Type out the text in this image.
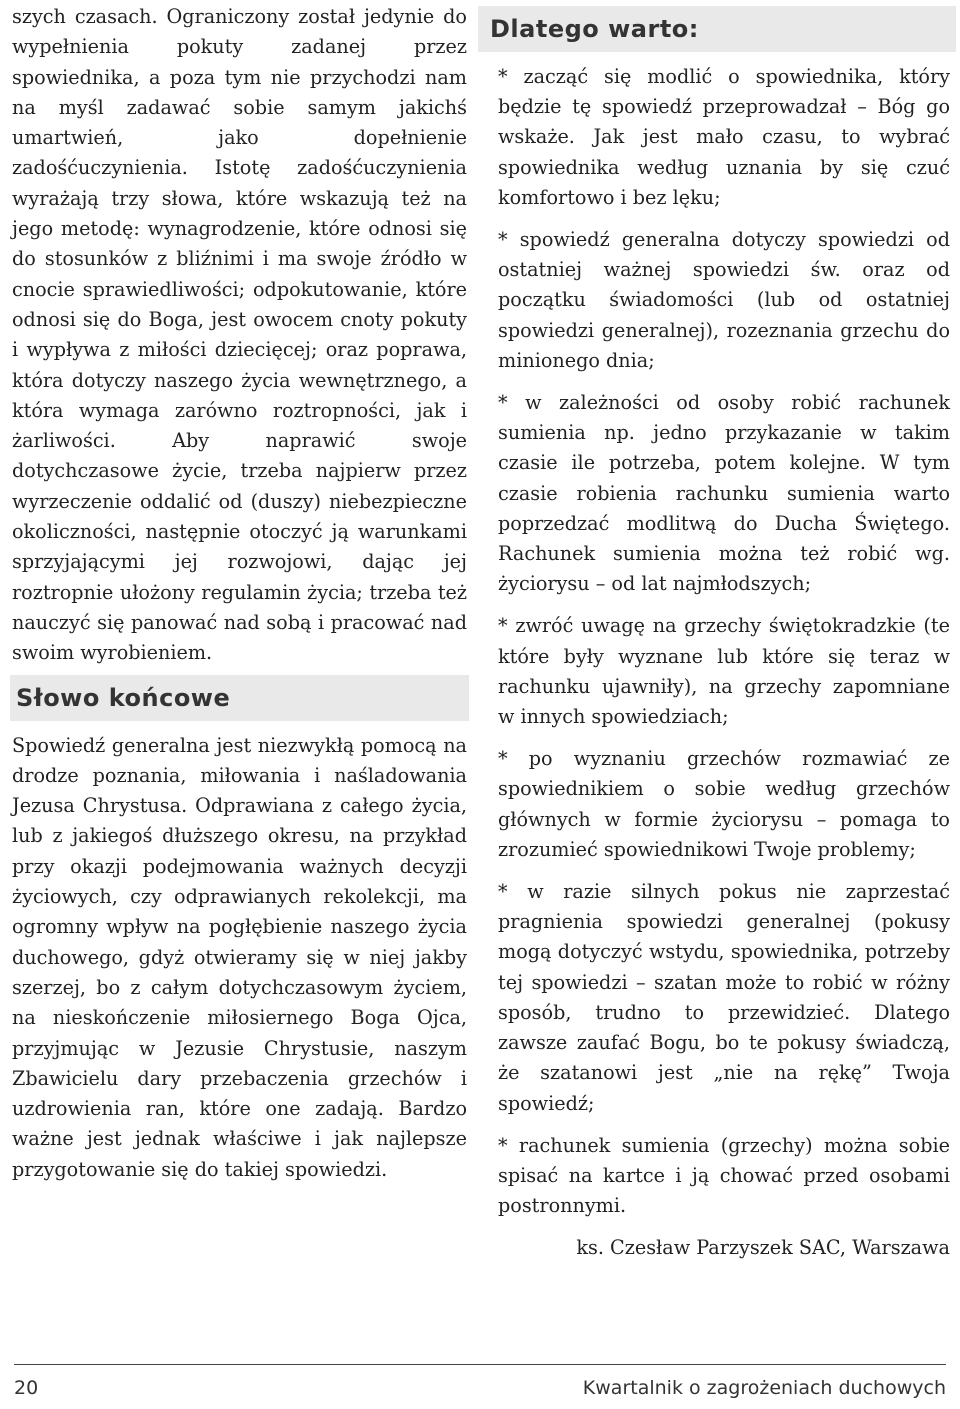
szych czasach. Ograniczony został jedynie do wypełnienia pokuty zadanej przez spowiednika, a poza tym nie przychodzi nam na myśl zadawać sobie samym jakichś umartwień, jako dopełnienie zadośćuczynienia. Istotę zadośćuczynienia wyrażają trzy słowa, które wskazują też na jego metodę: wynagrodzenie, które odnosi się do stosunków z bliźnimi i ma swoje źródło w cnocie sprawiedliwości; odpokutowanie, które odnosi się do Boga, jest owocem cnoty pokuty i wypływa z miłości dziecięcej; oraz poprawa, która dotyczy naszego życia wewnętrznego, a która wymaga zarówno roztropności, jak i żarliwości. Aby naprawić swoje dotychczasowe życie, trzeba najpierw przez wyrzeczenie oddalić od (duszy) niebezpieczne okoliczności, następnie otoczyć ją warunkami sprzyjającymi jej rozwojowi, dając jej roztropnie ułożony regulamin życia; trzeba też nauczyć się panować nad sobą i pracować nad swoim wyrobieniem.

Słowo końcowe

Spowiedź generalna jest niezwykłą pomocą na drodze poznania, miłowania i naśladowania Jezusa Chrystusa. Odprawiana z całego życia, lub z jakiegoś dłuższego okresu, na przykład przy okazji podejmowania ważnych decyzji życiowych, czy odprawianych rekolekcji, ma ogromny wpływ na pogłębienie naszego życia duchowego, gdyż otwieramy się w niej jakby szerzej, bo z całym dotychczasowym życiem, na nieskończenie miłosiernego Boga Ojca, przyjmując w Jezusie Chrystusie, naszym Zbawicielu dary przebaczenia grzechów i uzdrowienia ran, które one zadają. Bardzo ważne jest jednak właściwe i jak najlepsze przygotowanie się do takiej spowiedzi.

Dlatego warto:

* zacząć się modlić o spowiednika, który będzie tę spowiedź przeprowadzał – Bóg go wskaże. Jak jest mało czasu, to wybrać spowiednika według uznania by się czuć komfortowo i bez lęku;

* spowiedź generalna dotyczy spowiedzi od ostatniej ważnej spowiedzi św. oraz od początku świadomości (lub od ostatniej spowiedzi generalnej), rozeznania grzechu do minionego dnia;

* w zależności od osoby robić rachunek sumienia np. jedno przykazanie w takim czasie ile potrzeba, potem kolejne. W tym czasie robienia rachunku sumienia warto poprzedzać modlitwą do Ducha Świętego. Rachunek sumienia można też robić wg. życiorysu – od lat najmłodszych;

* zwróć uwagę na grzechy świętokradzkie (te które były wyznane lub które się teraz w rachunku ujawniły), na grzechy zapomniane w innych spowiedziach;

* po wyznaniu grzechów rozmawiać ze spowiednikiem o sobie według grzechów głównych w formie życiorysu – pomaga to zrozumieć spowiednikowi Twoje problemy;

* w razie silnych pokus nie zaprzestać pragnienia spowiedzi generalnej (pokusy mogą dotyczyć wstydu, spowiednika, potrzeby tej spowiedzi – szatan może to robić w różny sposób, trudno to przewidzieć. Dlatego zawsze zaufać Bogu, bo te pokusy świadczą, że szatanowi jest „nie na rękę” Twoja spowiedź;

* rachunek sumienia (grzechy) można sobie spisać na kartce i ją chować przed osobami postronnymi.

ks. Czesław Parzyszek SAC, Warszawa

20	Kwartalnik o zagrożeniach duchowych
